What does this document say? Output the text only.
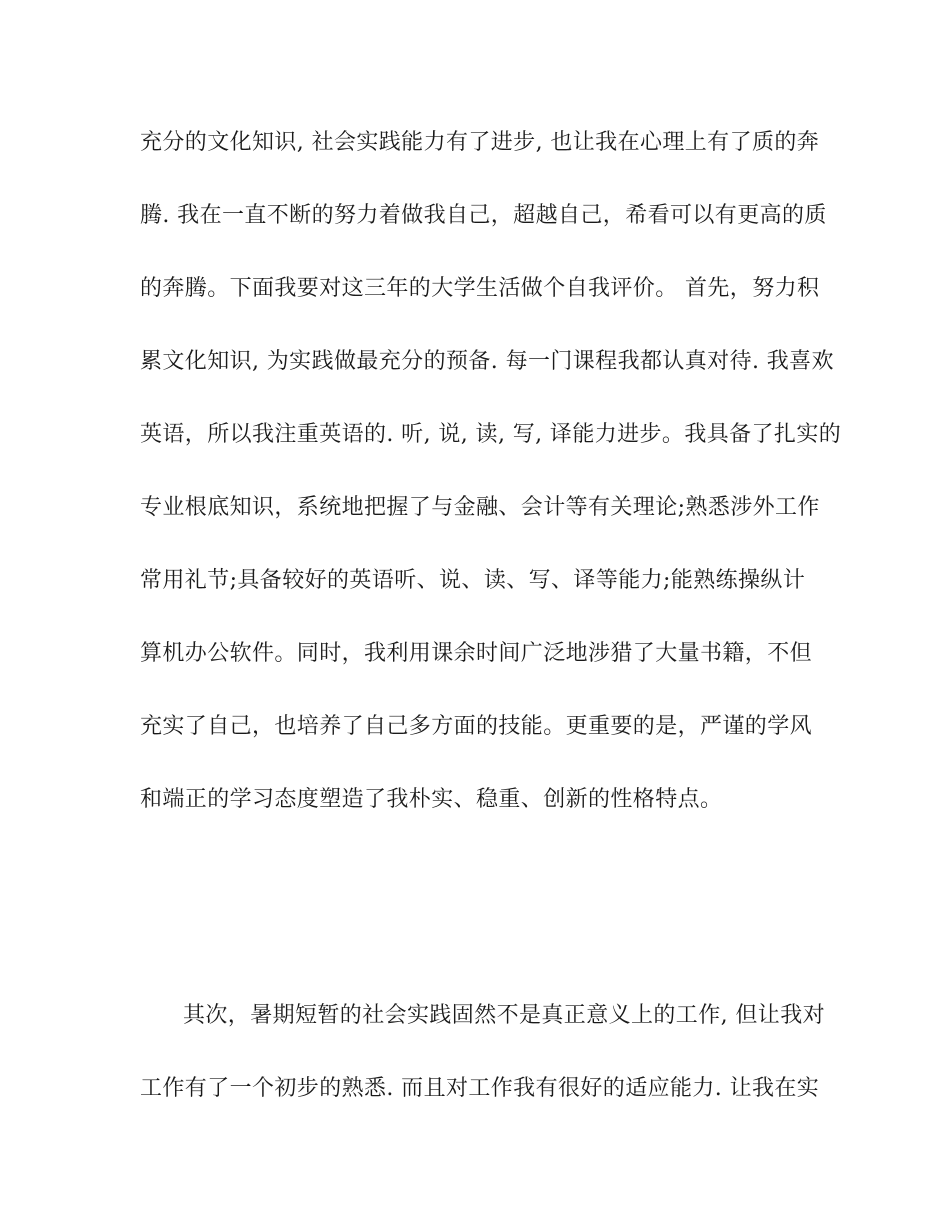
充分的文化知识, 社会实践能力有了进步, 也让我在心理上有了质的奔
腾. 我在一直不断的努力着做我自己，超越自己，希看可以有更高的质
的奔腾。下面我要对这三年的大学生活做个自我评价。 首先，努力积
累文化知识, 为实践做最充分的预备. 每一门课程我都认真对待. 我喜欢
英语，所以我注重英语的. 听, 说, 读, 写, 译能力进步。我具备了扎实的
专业根底知识，系统地把握了与金融、会计等有关理论;熟悉涉外工作
常用礼节;具备较好的英语听、说、读、写、译等能力;能熟练操纵计
算机办公软件。同时，我利用课余时间广泛地涉猎了大量书籍，不但
充实了自己，也培养了自己多方面的技能。更重要的是，严谨的学风
和端正的学习态度塑造了我朴实、稳重、创新的性格特点。
其次，暑期短暂的社会实践固然不是真正意义上的工作, 但让我对
工作有了一个初步的熟悉. 而且对工作我有很好的适应能力. 让我在实
